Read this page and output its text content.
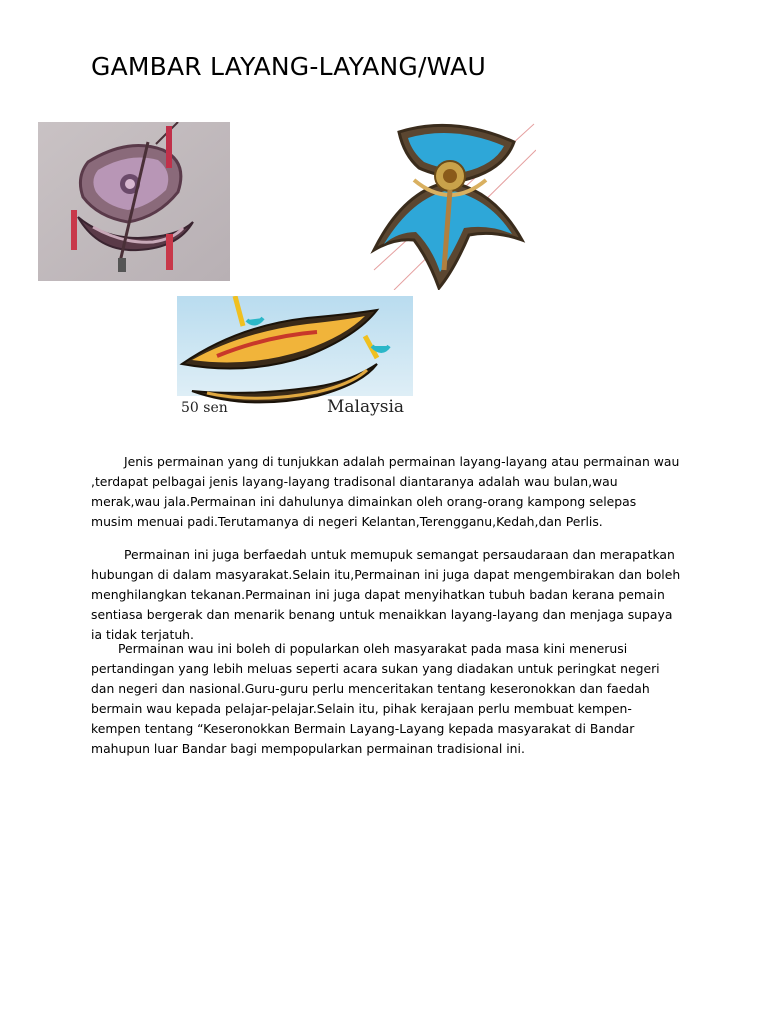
GAMBAR LAYANG-LAYANG/WAU
50 sen	Malaysia

Jenis permainan yang di tunjukkan adalah permainan layang-layang atau permainan wau ,terdapat pelbagai jenis layang-layang tradisonal diantaranya adalah wau bulan,wau merak,wau jala.Permainan ini dahulunya dimainkan oleh orang-orang kampong selepas musim menuai padi.Terutamanya di negeri Kelantan,Terengganu,Kedah,dan Perlis.

Permainan ini juga berfaedah untuk memupuk semangat persaudaraan dan merapatkan hubungan di dalam masyarakat.Selain itu,Permainan ini juga dapat mengembirakan dan boleh menghilangkan tekanan.Permainan ini juga dapat menyihatkan tubuh badan kerana pemain sentiasa bergerak dan menarik benang untuk menaikkan layang-layang dan menjaga supaya ia tidak terjatuh.

Permainan wau ini boleh di popularkan oleh masyarakat pada masa kini menerusi pertandingan yang lebih meluas seperti acara sukan yang diadakan untuk peringkat negeri dan negeri dan nasional.Guru-guru perlu menceritakan tentang keseronokkan dan faedah bermain wau kepada pelajar-pelajar.Selain itu, pihak kerajaan perlu membuat kempen-kempen tentang “Keseronokkan Bermain Layang-Layang kepada masyarakat di Bandar mahupun luar Bandar bagi mempopularkan permainan tradisional ini.
